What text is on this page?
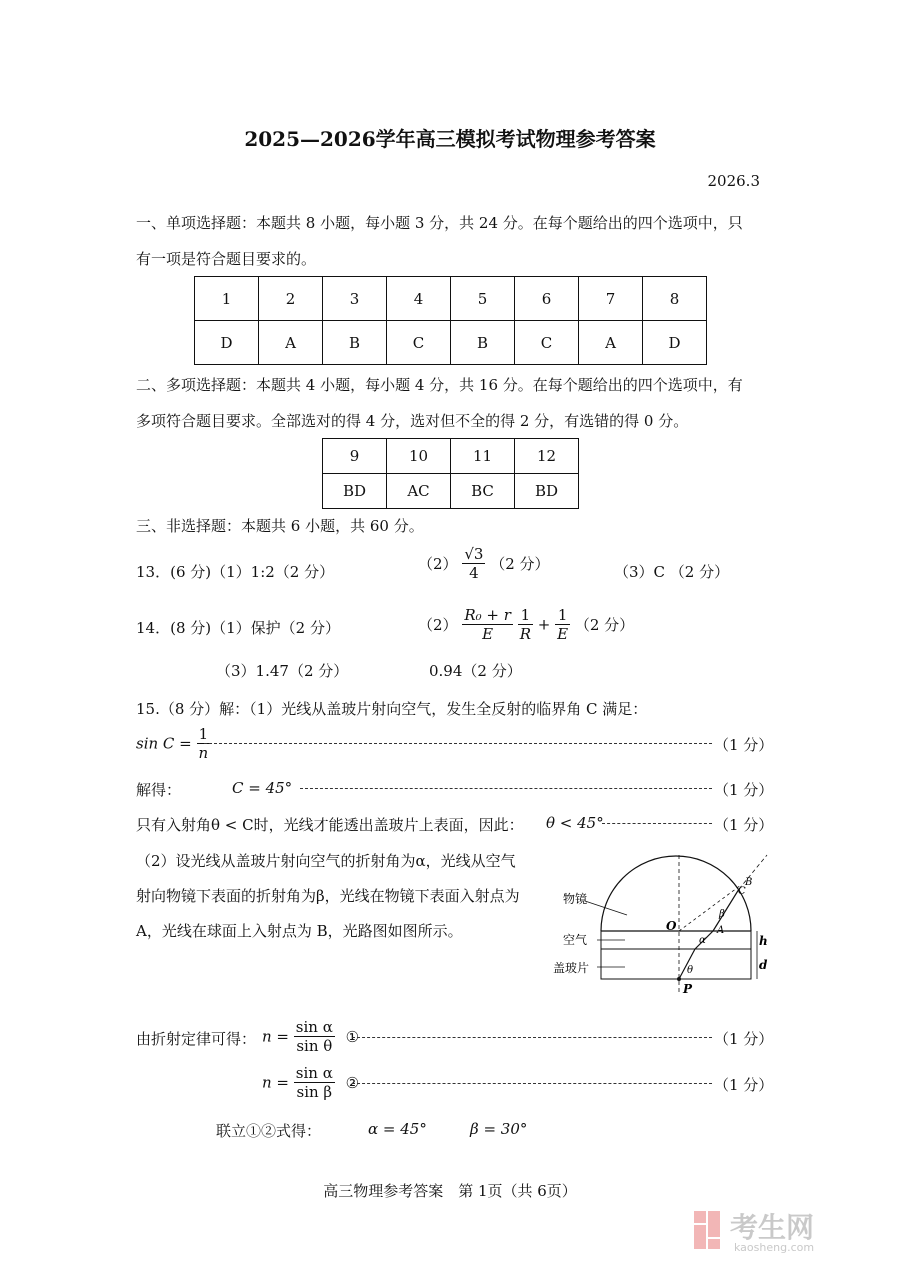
2025—2026学年高三模拟考试物理参考答案
2026.3
一、单项选择题：本题共 8 小题，每小题 3 分，共 24 分。在每个题给出的四个选项中，只
有一项是符合题目要求的。
1	2	3	4	5	6	7	8
D	A	B	C	B	C	A	D
二、多项选择题：本题共 4 小题，每小题 4 分，共 16 分。在每个题给出的四个选项中，有
多项符合题目要求。全部选对的得 4 分，选对但不全的得 2 分，有选错的得 0 分。
9	10	11	12
BD	AC	BC	BD
三、非选择题：本题共 6 小题，共 60 分。
13．(6 分)（1）1:2（2 分）	$(2) \frac{√3}{4} (2$ 分）	（3）C （2 分）
14．(8 分)（1）保护（2 分）	$(2) \frac{\text{R₀ + r}}{E}$
$\frac{1}{R} + \frac{1}{E} (2$ 分）
（3）1.47（2 分）	0.94（2 分）
15.（8 分）解：（1）光线从盖玻片射向空气，发生全反射的临界角 C 满足：
$\sin C = \frac{1}{n}$	（1 分）
解得：	C = 45°	（1 分）
只有入射角θ < C时，光线才能透出盖玻片上表面，因此： θ < 45°	（1 分）
（2）设光线从盖玻片射向空气的折射角为α，光线从空气
射向物镜下表面的折射角为β，光线在物镜下表面入射点为
A，光线在球面上入射点为 B，光路图如图所示。
物镜
空气
盖玻片
O	A
C
B
P
h
d
α
β
θ
由折射定律可得： $n = \frac{\text{sin α}}{\text{sin θ}}$ ①	（1 分）
$n = \frac{\text{sin α}}{\text{sin β}}$ ②	（1 分）
联立①②式得：	α = 45°	β = 30°
高三物理参考答案　第 1页（共 6页）
考生网
kaosheng.com
